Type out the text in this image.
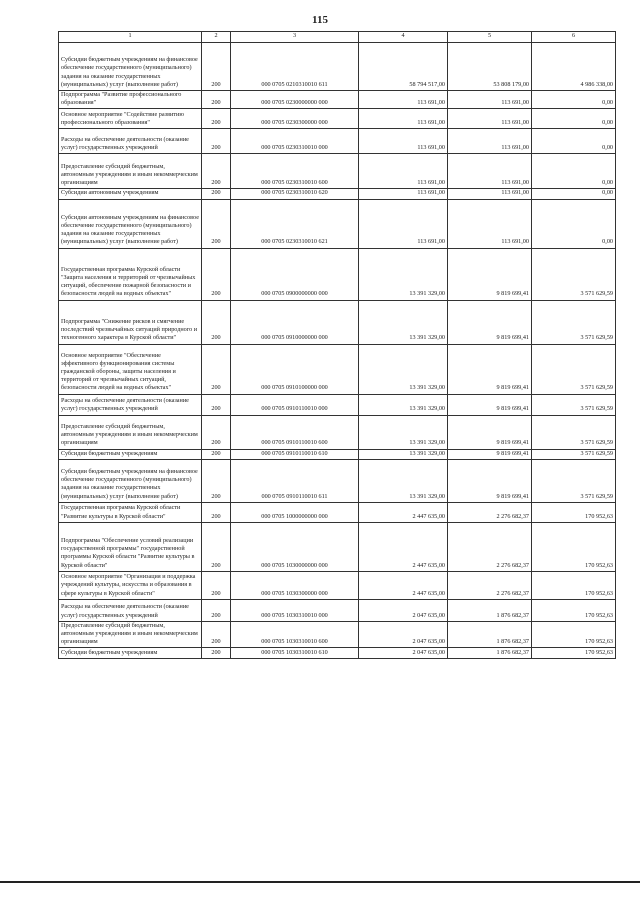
115
1	2	3	4	5	6

Субсидии бюджетным учреждениям на финансовое обеспечение государственного (муниципального) задания на оказание государственных (муниципальных) услуг (выполнение работ)	200	000 0705 0210310010 611	58 794 517,00	53 808 179,00	4 986 338,00

Подпрограмма "Развитие профессионального образования"	200	000 0705 0230000000 000	113 691,00	113 691,00	0,00

Основное мероприятие "Содействие развитию профессионального образования"	200	000 0705 0230300000 000	113 691,00	113 691,00	0,00

Расходы на обеспечение деятельности (оказание услуг) государственных учреждений	200	000 0705 0230310010 000	113 691,00	113 691,00	0,00

Предоставление субсидий бюджетным, автономным учреждениям и иным некоммерческим организациям	200	000 0705 0230310010 600	113 691,00	113 691,00	0,00

Субсидии автономным учреждениям	200	000 0705 0230310010 620	113 691,00	113 691,00	0,00

Субсидии автономным учреждениям на финансовое обеспечение государственного (муниципального) задания на оказание государственных (муниципальных) услуг (выполнение работ)	200	000 0705 0230310010 621	113 691,00	113 691,00	0,00

Государственная программа Курской области "Защита населения и территорий от чрезвычайных ситуаций, обеспечение пожарной безопасности и безопасности людей на водных объектах"	200	000 0705 0900000000 000	13 391 329,00	9 819 699,41	3 571 629,59

Подпрограмма "Снижение рисков и смягчение последствий чрезвычайных ситуаций природного и техногенного характера в Курской области"	200	000 0705 0910000000 000	13 391 329,00	9 819 699,41	3 571 629,59

Основное мероприятие "Обеспечение эффективного функционирования системы гражданской обороны, защиты населения и территорий от чрезвычайных ситуаций, безопасности людей на водных объектах"	200	000 0705 0910100000 000	13 391 329,00	9 819 699,41	3 571 629,59

Расходы на обеспечение деятельности (оказание услуг) государственных учреждений	200	000 0705 0910110010 000	13 391 329,00	9 819 699,41	3 571 629,59

Предоставление субсидий бюджетным, автономным учреждениям и иным некоммерческим организациям	200	000 0705 0910110010 600	13 391 329,00	9 819 699,41	3 571 629,59

Субсидии бюджетным учреждениям	200	000 0705 0910110010 610	13 391 329,00	9 819 699,41	3 571 629,59

Субсидии бюджетным учреждениям на финансовое обеспечение государственного (муниципального) задания на оказание государственных (муниципальных) услуг (выполнение работ)	200	000 0705 0910110010 611	13 391 329,00	9 819 699,41	3 571 629,59

Государственная программа Курской области "Развитие культуры в Курской области"	200	000 0705 1000000000 000	2 447 635,00	2 276 682,37	170 952,63

Подпрограмма "Обеспечение условий реализации государственной программы" государственной программы Курской области "Развитие культуры в Курской области"	200	000 0705 1030000000 000	2 447 635,00	2 276 682,37	170 952,63

Основное мероприятие "Организация и поддержка учреждений культуры, искусства и образования в сфере культуры в Курской области"	200	000 0705 1030300000 000	2 447 635,00	2 276 682,37	170 952,63

Расходы на обеспечение деятельности (оказание услуг) государственных учреждений	200	000 0705 1030310010 000	2 047 635,00	1 876 682,37	170 952,63

Предоставление субсидий бюджетным, автономным учреждениям и иным некоммерческим организациям	200	000 0705 1030310010 600	2 047 635,00	1 876 682,37	170 952,63

Субсидии бюджетным учреждениям	200	000 0705 1030310010 610	2 047 635,00	1 876 682,37	170 952,63
